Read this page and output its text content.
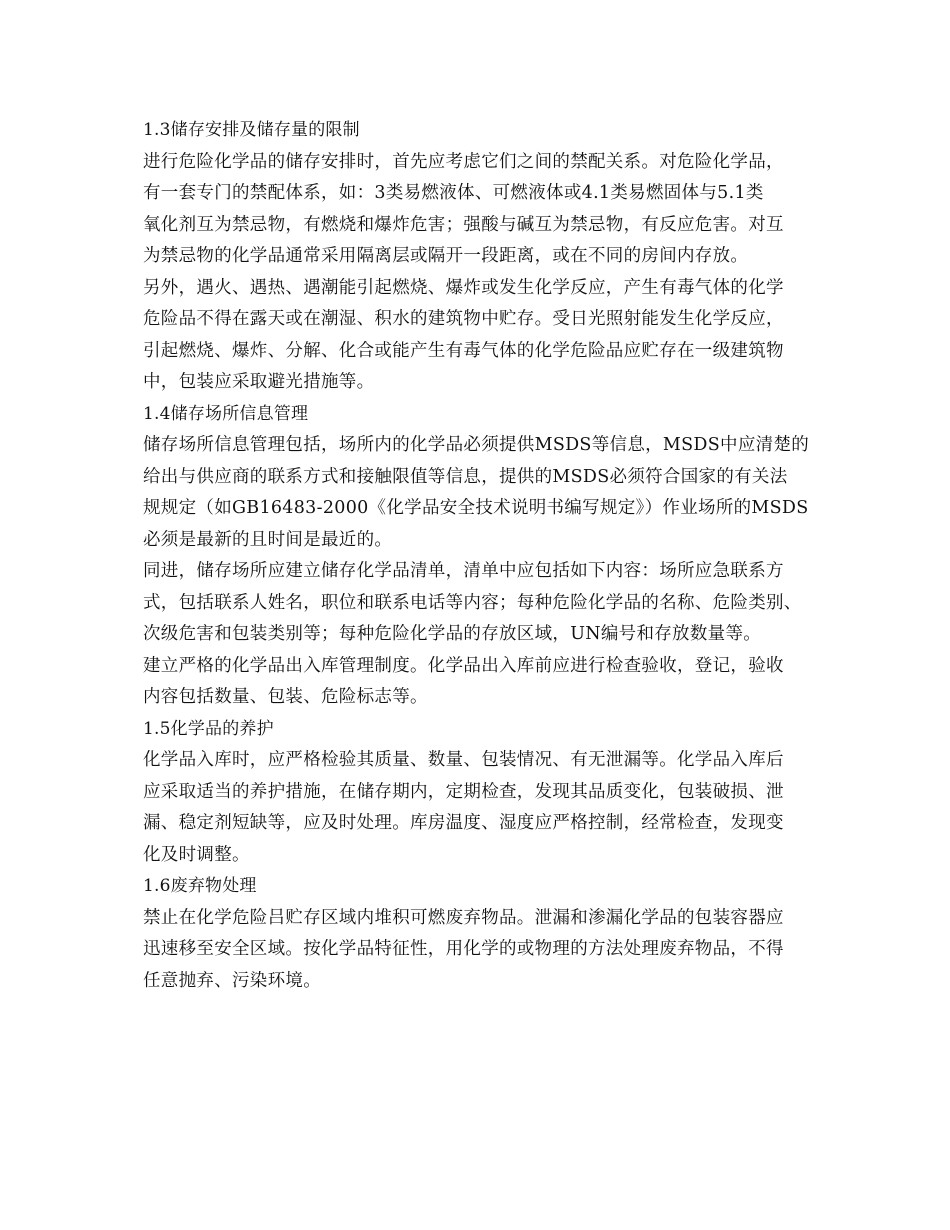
1.3储存安排及储存量的限制
进行危险化学品的储存安排时，首先应考虑它们之间的禁配关系。对危险化学品，
有一套专门的禁配体系，如：3类易燃液体、可燃液体或4.1类易燃固体与5.1类
氧化剂互为禁忌物，有燃烧和爆炸危害；强酸与碱互为禁忌物，有反应危害。对互
为禁忌物的化学品通常采用隔离层或隔开一段距离，或在不同的房间内存放。
另外，遇火、遇热、遇潮能引起燃烧、爆炸或发生化学反应，产生有毒气体的化学
危险品不得在露天或在潮湿、积水的建筑物中贮存。受日光照射能发生化学反应，
引起燃烧、爆炸、分解、化合或能产生有毒气体的化学危险品应贮存在一级建筑物
中，包装应采取避光措施等。
1.4储存场所信息管理
储存场所信息管理包括，场所内的化学品必须提供MSDS等信息，MSDS中应清楚的
给出与供应商的联系方式和接触限值等信息，提供的MSDS必须符合国家的有关法
规规定（如GB16483-2000《化学品安全技术说明书编写规定》）作业场所的MSDS
必须是最新的且时间是最近的。
同进，储存场所应建立储存化学品清单，清单中应包括如下内容：场所应急联系方
式，包括联系人姓名，职位和联系电话等内容；每种危险化学品的名称、危险类别、
次级危害和包装类别等；每种危险化学品的存放区域，UN编号和存放数量等。
建立严格的化学品出入库管理制度。化学品出入库前应进行检查验收，登记，验收
内容包括数量、包装、危险标志等。
1.5化学品的养护
化学品入库时，应严格检验其质量、数量、包装情况、有无泄漏等。化学品入库后
应采取适当的养护措施，在储存期内，定期检查，发现其品质变化，包装破损、泄
漏、稳定剂短缺等，应及时处理。库房温度、湿度应严格控制，经常检查，发现变
化及时调整。
1.6废弃物处理
禁止在化学危险吕贮存区域内堆积可燃废弃物品。泄漏和渗漏化学品的包装容器应
迅速移至安全区域。按化学品特征性，用化学的或物理的方法处理废弃物品，不得
任意抛弃、污染环境。
